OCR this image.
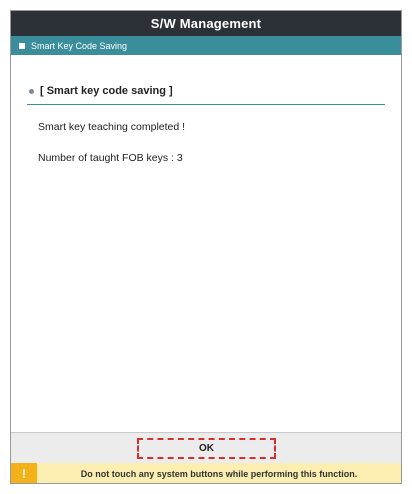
S/W Management
Smart Key Code Saving
[ Smart key code saving ]
Smart key teaching completed !
Number of taught FOB keys : 3
OK
!	Do not touch any system buttons while performing this function.
